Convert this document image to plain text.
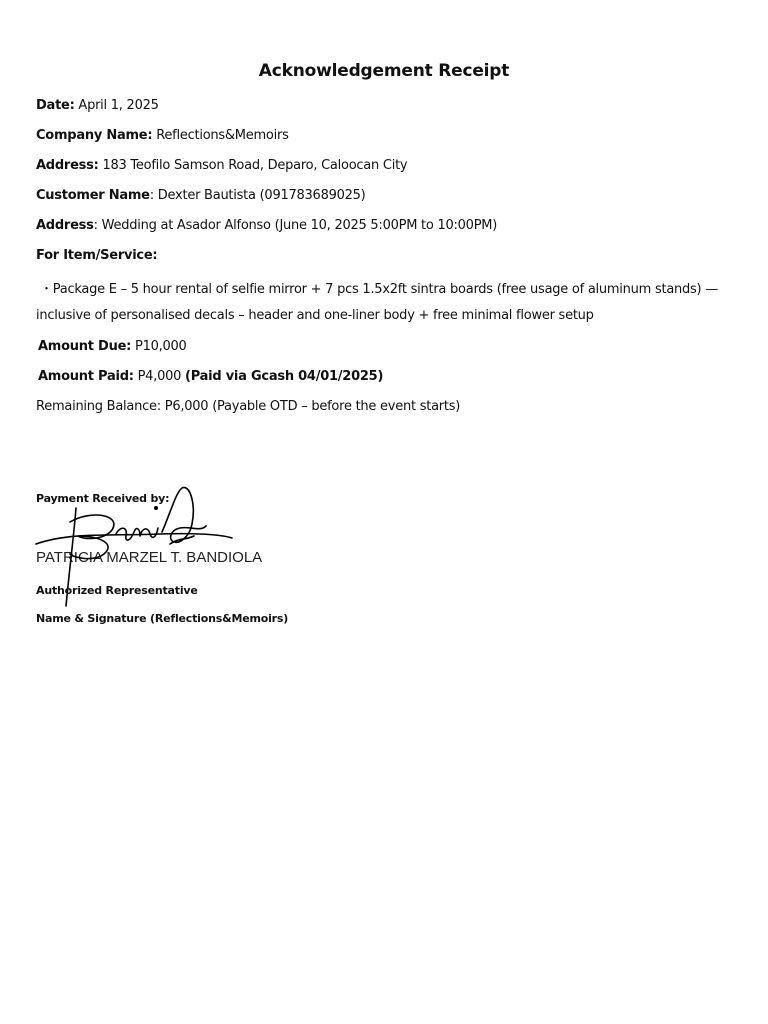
Acknowledgement Receipt
Date: April 1, 2025
Company Name: Reflections&Memoirs
Address: 183 Teofilo Samson Road, Deparo, Caloocan City
Customer Name: Dexter Bautista (091783689025)
Address: Wedding at Asador Alfonso (June 10, 2025 5:00PM to 10:00PM)
For Item/Service:
・Package E – 5 hour rental of selfie mirror + 7 pcs 1.5x2ft sintra boards (free usage of aluminum stands) —
inclusive of personalised decals – header and one-liner body + free minimal flower setup
Amount Due: P10,000
Amount Paid: P4,000 (Paid via Gcash 04/01/2025)
Remaining Balance: P6,000 (Payable OTD – before the event starts)
Payment Received by:
PATRICIA MARZEL T. BANDIOLA
Authorized Representative
Name & Signature (Reflections&Memoirs)
